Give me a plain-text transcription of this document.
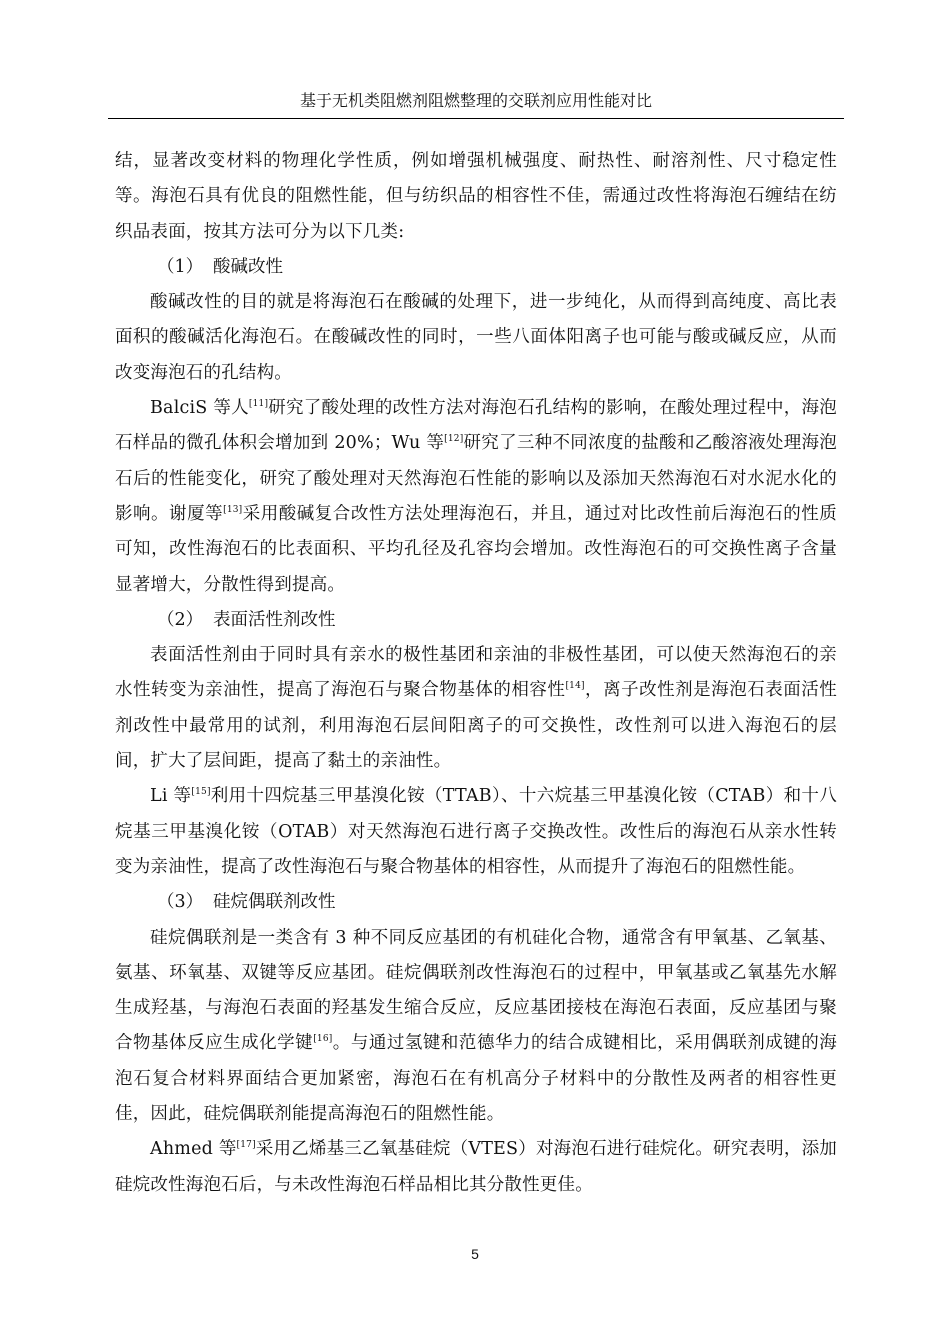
基于无机类阻燃剂阻燃整理的交联剂应用性能对比

结，显著改变材料的物理化学性质，例如增强机械强度、耐热性、耐溶剂性、尺寸稳定性等。海泡石具有优良的阻燃性能，但与纺织品的相容性不佳，需通过改性将海泡石缠结在纺织品表面，按其方法可分为以下几类:

（1） 酸碱改性

酸碱改性的目的就是将海泡石在酸碱的处理下，进一步纯化，从而得到高纯度、高比表面积的酸碱活化海泡石。在酸碱改性的同时，一些八面体阳离子也可能与酸或碱反应，从而改变海泡石的孔结构。

BalciS 等人[11]研究了酸处理的改性方法对海泡石孔结构的影响，在酸处理过程中，海泡石样品的微孔体积会增加到 20%；Wu 等[12]研究了三种不同浓度的盐酸和乙酸溶液处理海泡石后的性能变化，研究了酸处理对天然海泡石性能的影响以及添加天然海泡石对水泥水化的影响。谢厦等[13]采用酸碱复合改性方法处理海泡石，并且，通过对比改性前后海泡石的性质可知，改性海泡石的比表面积、平均孔径及孔容均会增加。改性海泡石的可交换性离子含量显著增大，分散性得到提高。

（2） 表面活性剂改性

表面活性剂由于同时具有亲水的极性基团和亲油的非极性基团，可以使天然海泡石的亲水性转变为亲油性，提高了海泡石与聚合物基体的相容性[14]，离子改性剂是海泡石表面活性剂改性中最常用的试剂，利用海泡石层间阳离子的可交换性，改性剂可以进入海泡石的层间，扩大了层间距，提高了黏土的亲油性。

Li 等[15]利用十四烷基三甲基溴化铵（TTAB）、十六烷基三甲基溴化铵（CTAB）和十八烷基三甲基溴化铵（OTAB）对天然海泡石进行离子交换改性。改性后的海泡石从亲水性转变为亲油性，提高了改性海泡石与聚合物基体的相容性，从而提升了海泡石的阻燃性能。

（3） 硅烷偶联剂改性

硅烷偶联剂是一类含有 3 种不同反应基团的有机硅化合物，通常含有甲氧基、乙氧基、氨基、环氧基、双键等反应基团。硅烷偶联剂改性海泡石的过程中，甲氧基或乙氧基先水解生成羟基，与海泡石表面的羟基发生缩合反应，反应基团接枝在海泡石表面，反应基团与聚合物基体反应生成化学键[16]。与通过氢键和范德华力的结合成键相比，采用偶联剂成键的海泡石复合材料界面结合更加紧密，海泡石在有机高分子材料中的分散性及两者的相容性更佳，因此，硅烷偶联剂能提高海泡石的阻燃性能。

Ahmed 等[17]采用乙烯基三乙氧基硅烷（VTES）对海泡石进行硅烷化。研究表明，添加硅烷改性海泡石后，与未改性海泡石样品相比其分散性更佳。

5
